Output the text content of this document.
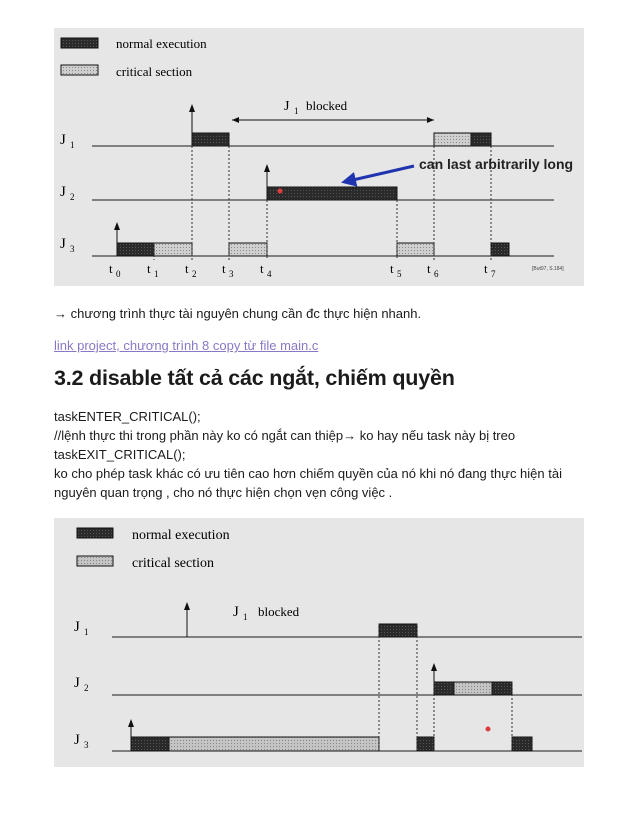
normal execution
critical section
J 1 blocked
J 1
J 2
J 3
can last arbitrarily long
t 0 t 1 t 2 t 3 t 4	t 5 t 6	t 7	[But97, S.184]

→ chương trình thực tài nguyên chung cần đc thực hiện nhanh.

link project, chương trình 8 copy từ file main.c

3.2 disable tất cả các ngắt, chiếm quyền
taskENTER_CRITICAL();
//lệnh thực thi trong phần này ko có ngắt can thiệp→ ko hay nếu task này bị treo
taskEXIT_CRITICAL();
ko cho phép task khác có ưu tiên cao hơn chiếm quyền của nó khi nó đang thực hiện tài
nguyên quan trọng , cho nó thực hiện chọn vẹn công việc .
normal execution
critical section
J 1 blocked
J 1
J 2
J 3
